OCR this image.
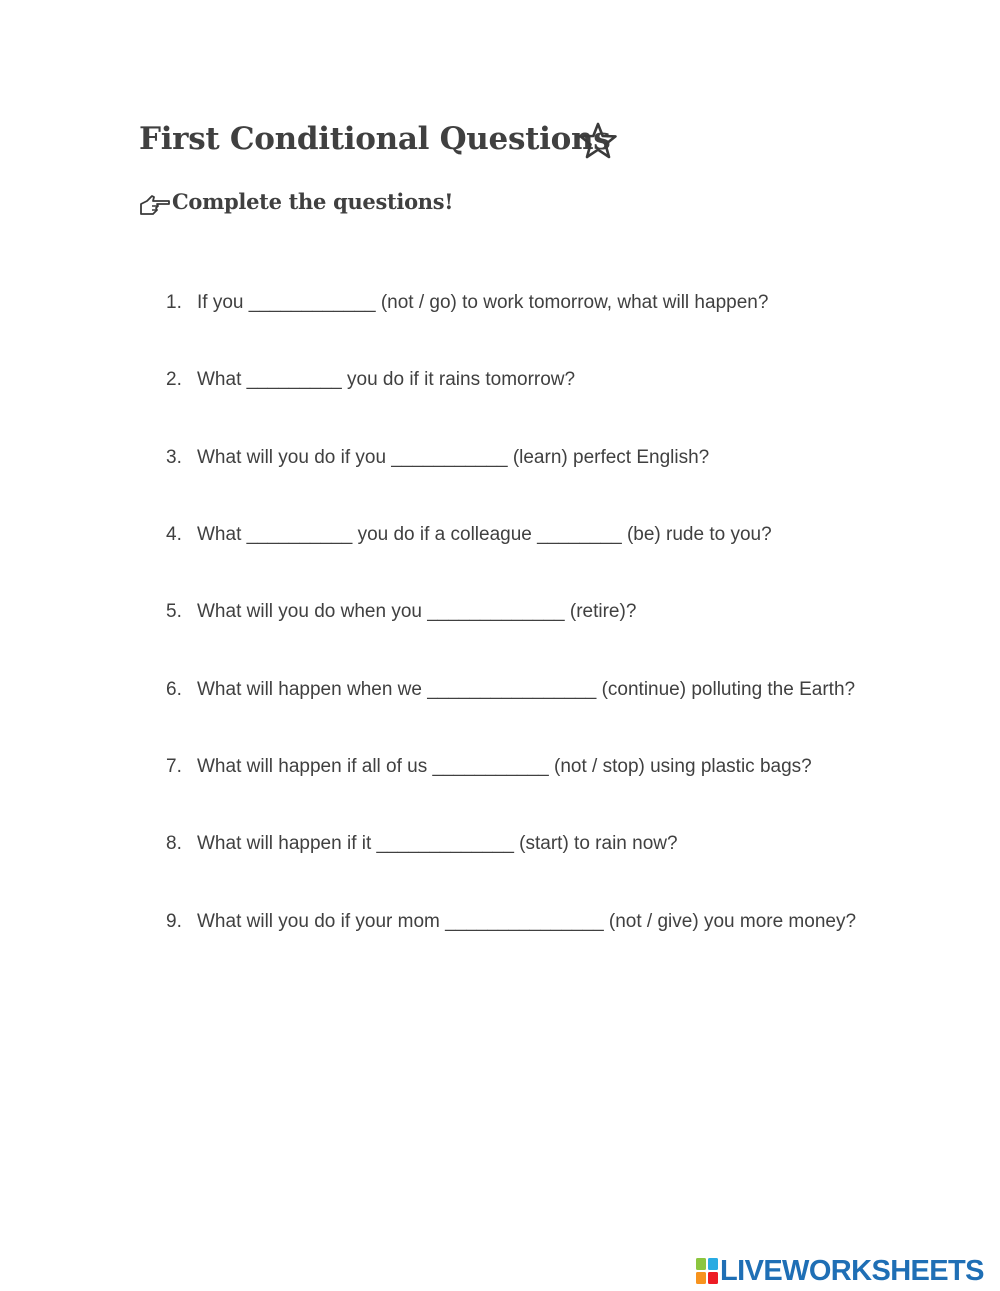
First Conditional Questions
Complete the questions!
1. If you ____________ (not / go) to work tomorrow, what will happen?
2. What _________ you do if it rains tomorrow?
3. What will you do if you ___________ (learn) perfect English?
4. What __________ you do if a colleague ________ (be) rude to you?
5. What will you do when you _____________ (retire)?
6. What will happen when we ________________ (continue) polluting the Earth?
7. What will happen if all of us ___________ (not / stop) using plastic bags?
8. What will happen if it _____________ (start) to rain now?
9. What will you do if your mom _______________ (not / give) you more money?
LIVEWORKSHEETS
